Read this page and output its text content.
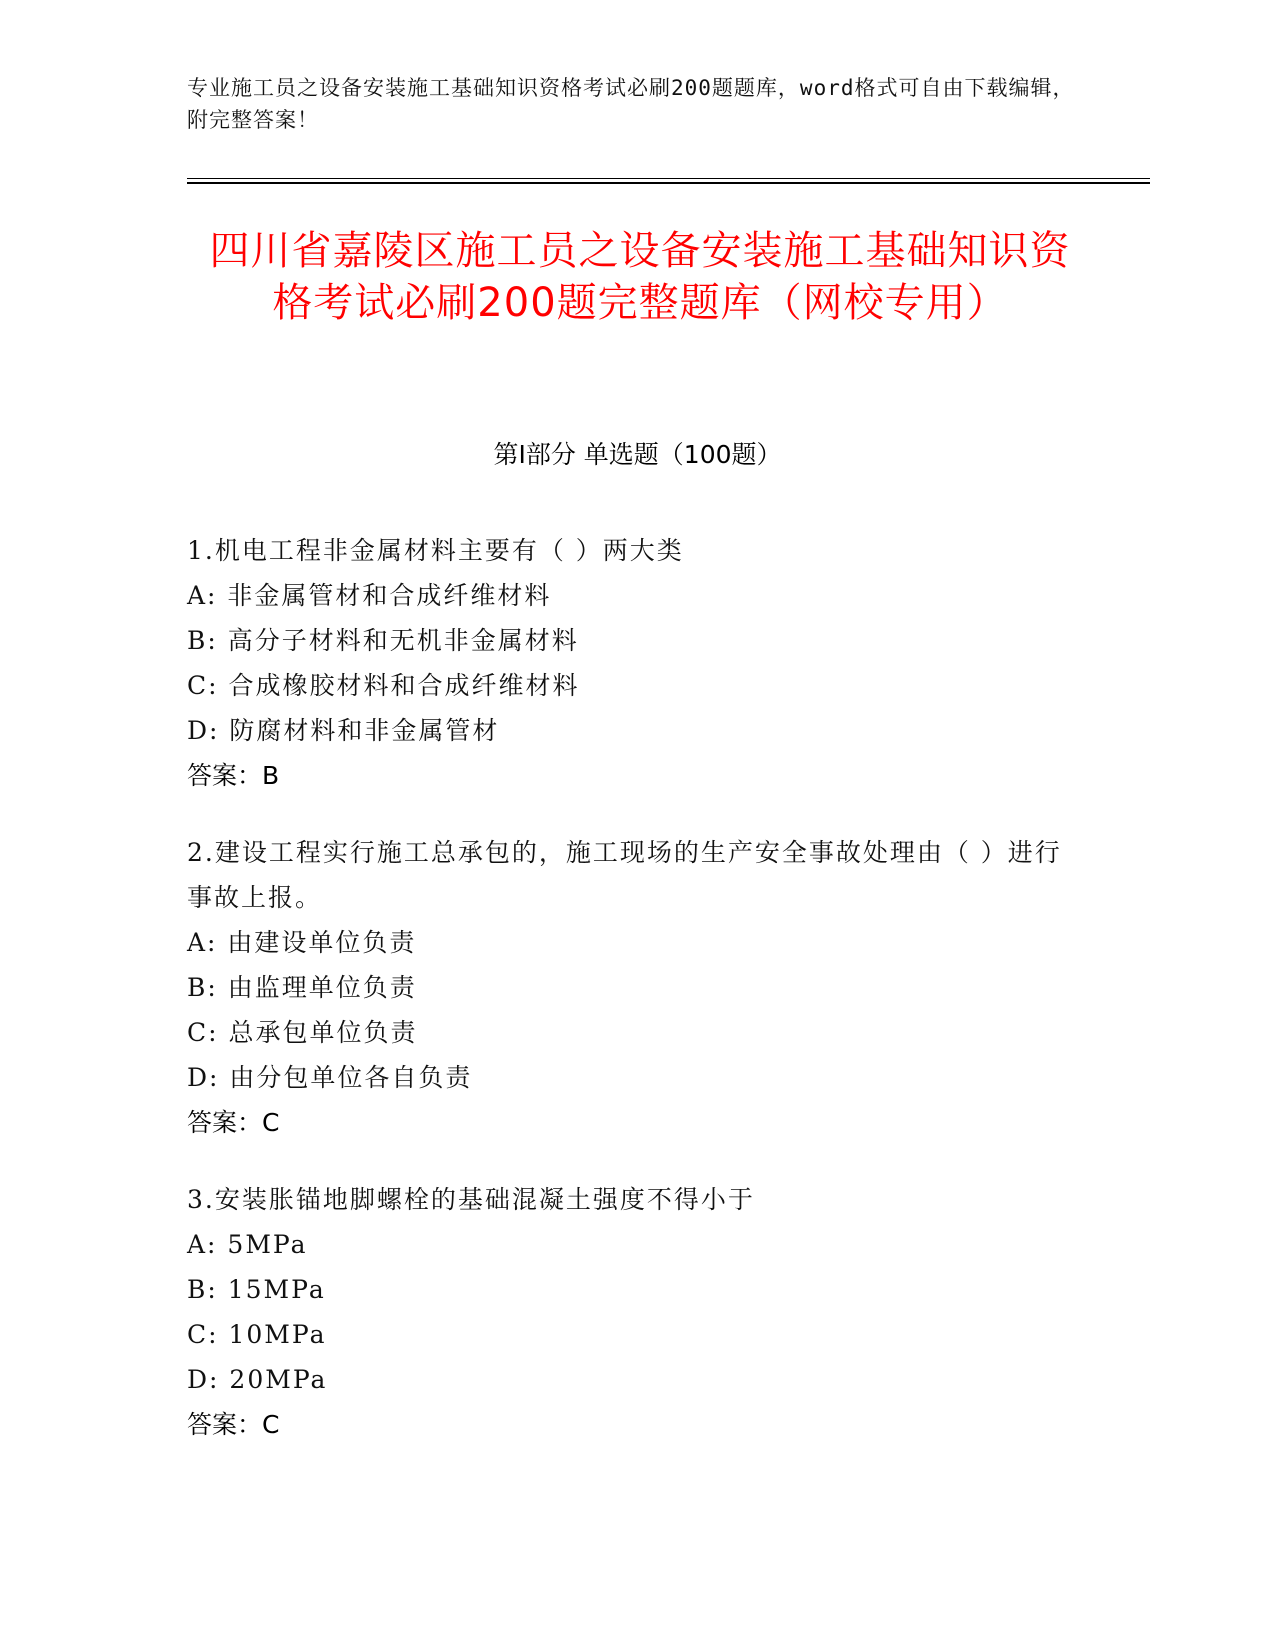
专业施工员之设备安装施工基础知识资格考试必刷200题题库，word格式可自由下载编辑，附完整答案！
四川省嘉陵区施工员之设备安装施工基础知识资格考试必刷200题完整题库（网校专用）
第I部分 单选题（100题）
1.机电工程非金属材料主要有（ ）两大类
A: 非金属管材和合成纤维材料
B: 高分子材料和无机非金属材料
C: 合成橡胶材料和合成纤维材料
D: 防腐材料和非金属管材
答案：B
2.建设工程实行施工总承包的，施工现场的生产安全事故处理由（ ）进行事故上报。
A: 由建设单位负责
B: 由监理单位负责
C: 总承包单位负责
D: 由分包单位各自负责
答案：C
3.安装胀锚地脚螺栓的基础混凝土强度不得小于
A: 5MPa
B: 15MPa
C: 10MPa
D: 20MPa
答案：C
